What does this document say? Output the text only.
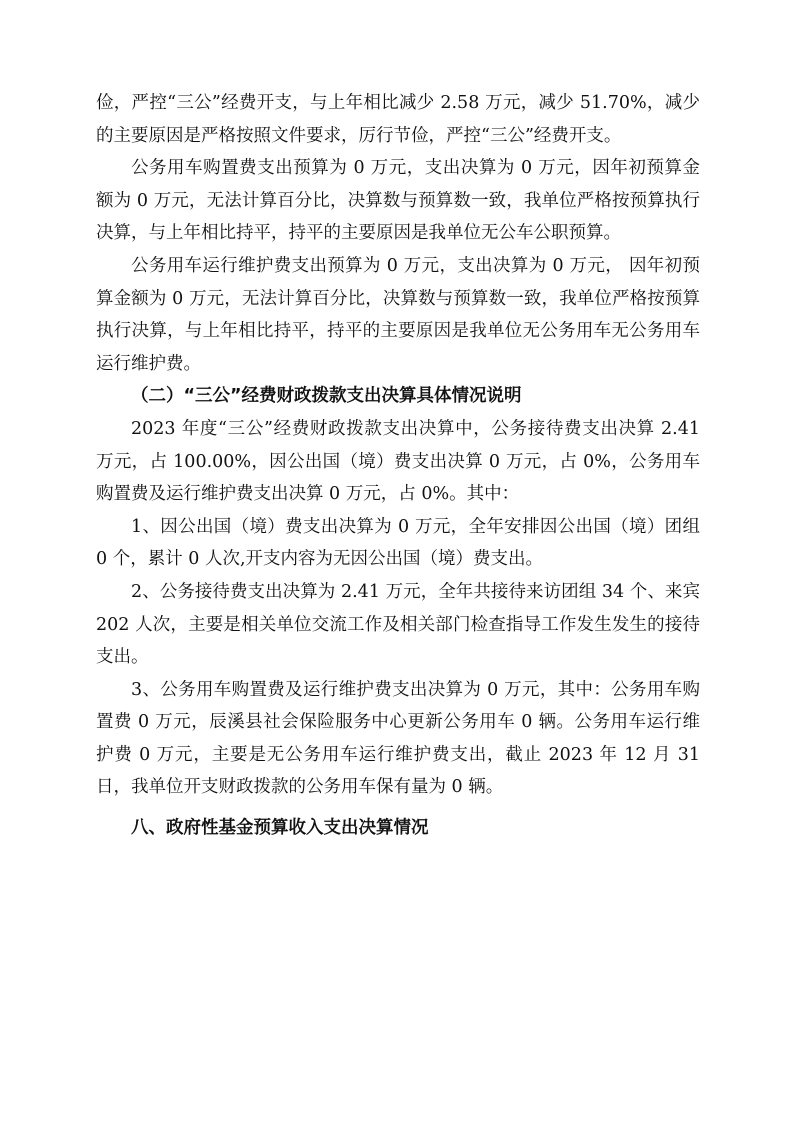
俭，严控“三公”经费开支，与上年相比减少 2.58 万元，减少 51.70%，减少的主要原因是严格按照文件要求，厉行节俭，严控“三公”经费开支。

公务用车购置费支出预算为 0 万元，支出决算为 0 万元，因年初预算金额为 0 万元，无法计算百分比，决算数与预算数一致，我单位严格按预算执行决算，与上年相比持平，持平的主要原因是我单位无公车公职预算。

公务用车运行维护费支出预算为 0 万元，支出决算为 0 万元， 因年初预算金额为 0 万元，无法计算百分比，决算数与预算数一致，我单位严格按预算执行决算，与上年相比持平，持平的主要原因是我单位无公务用车无公务用车运行维护费。

（二）“三公”经费财政拨款支出决算具体情况说明

2023 年度“三公”经费财政拨款支出决算中，公务接待费支出决算 2.41 万元，占 100.00%，因公出国（境）费支出决算 0 万元，占 0%，公务用车购置费及运行维护费支出决算 0 万元，占 0%。其中：

1、因公出国（境）费支出决算为 0 万元，全年安排因公出国（境）团组 0 个，累计 0 人次,开支内容为无因公出国（境）费支出。

2、公务接待费支出决算为 2.41 万元，全年共接待来访团组 34 个、来宾 202 人次，主要是相关单位交流工作及相关部门检查指导工作发生发生的接待支出。

3、公务用车购置费及运行维护费支出决算为 0 万元，其中：公务用车购置费 0 万元，辰溪县社会保险服务中心更新公务用车 0 辆。公务用车运行维护费 0 万元，主要是无公务用车运行维护费支出，截止 2023 年 12 月 31 日，我单位开支财政拨款的公务用车保有量为 0 辆。

八、政府性基金预算收入支出决算情况
